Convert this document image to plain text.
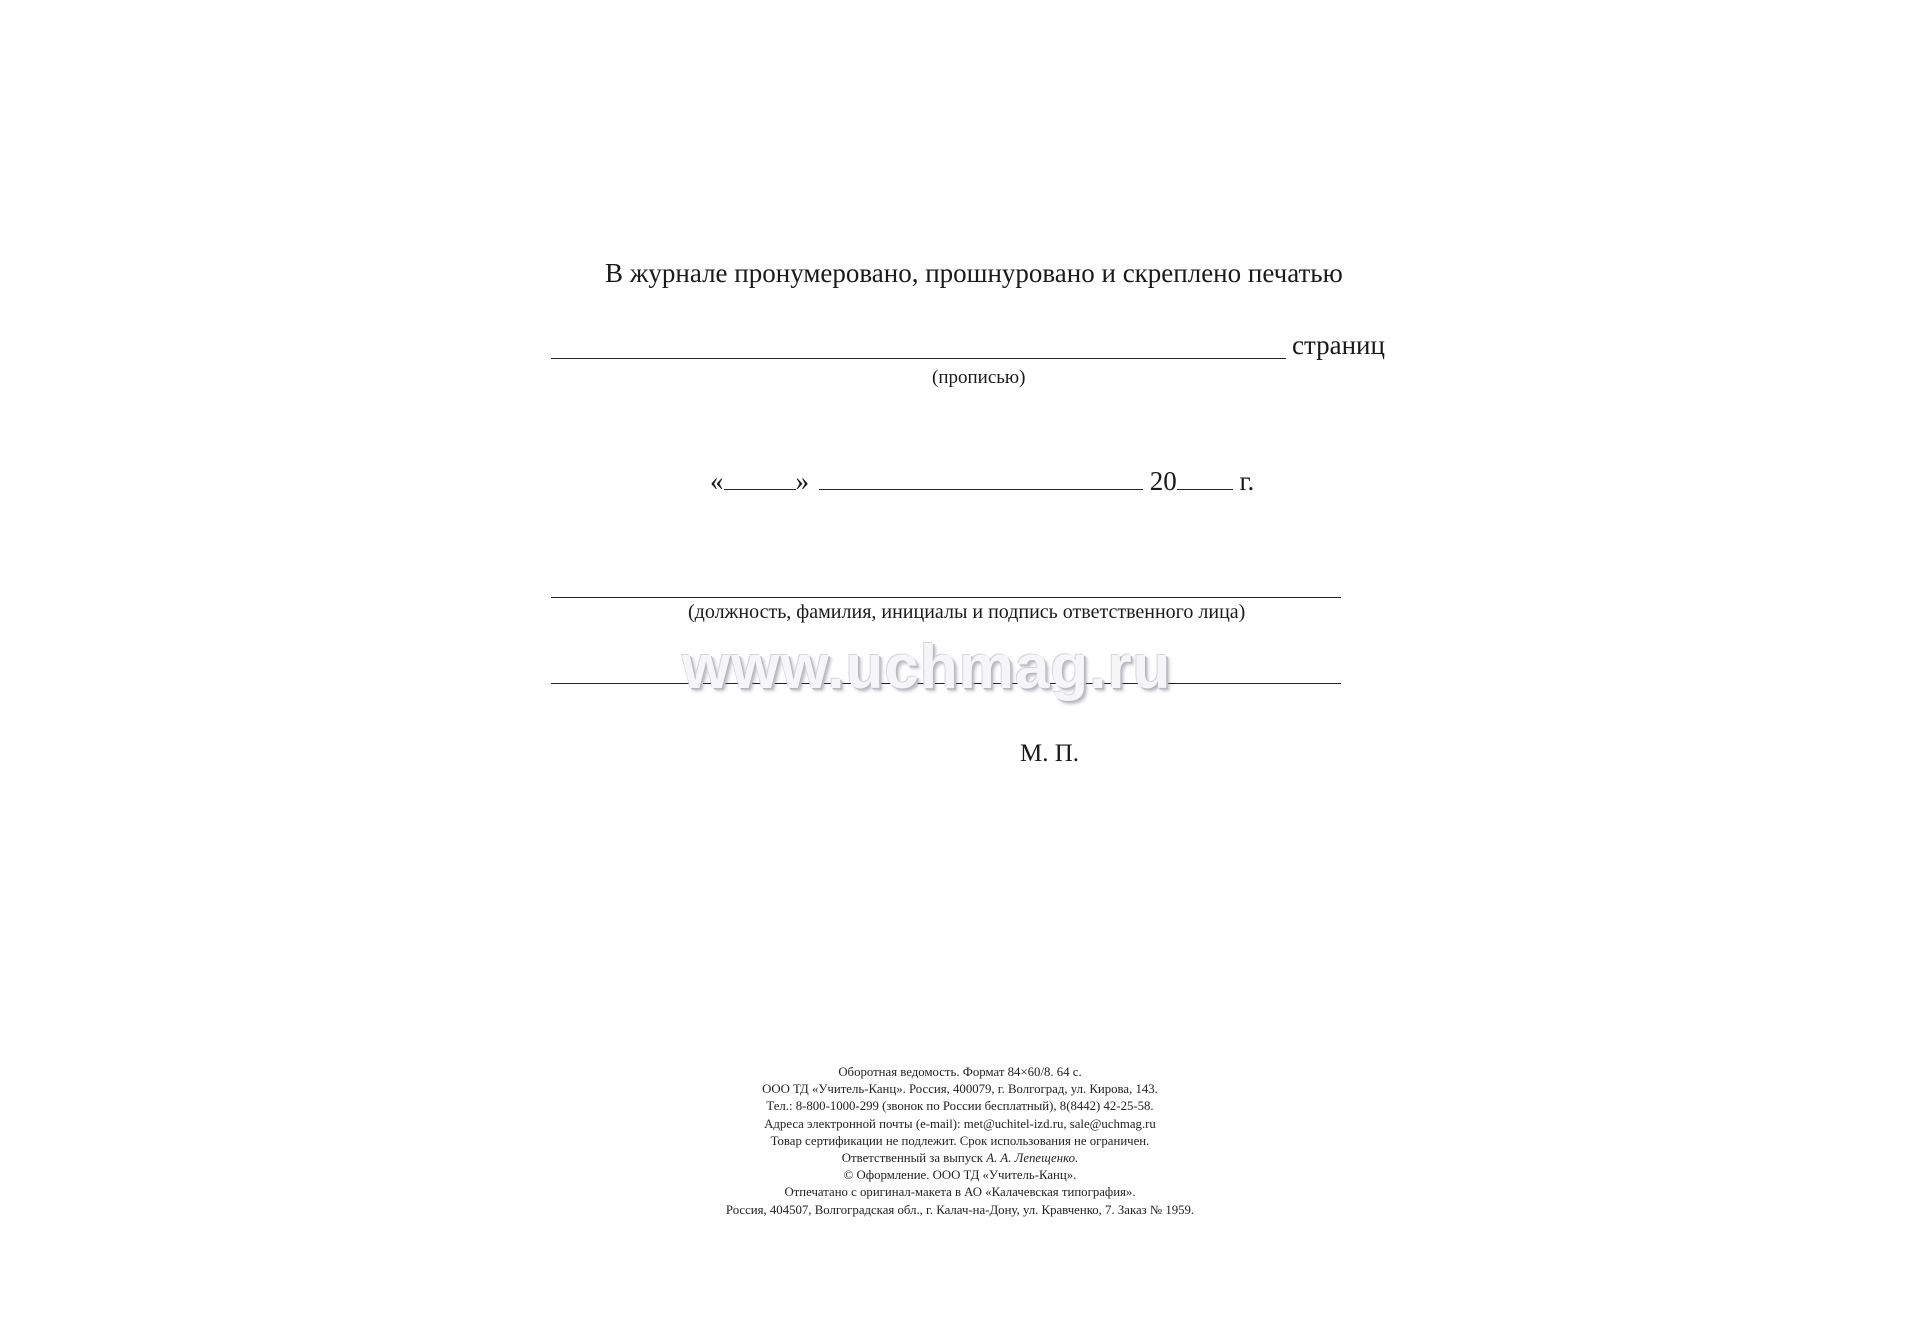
В журнале пронумеровано, прошнуровано и скреплено печатью
страниц
(прописью)
«	»	20 г.
(должность, фамилия, инициалы и подпись ответственного лица)
www.uchmag.ru
М. П.
Оборотная ведомость. Формат 84×60/8. 64 с.
ООО ТД «Учитель-Канц». Россия, 400079, г. Волгоград, ул. Кирова, 143.
Тел.: 8-800-1000-299 (звонок по России бесплатный), 8(8442) 42-25-58.
Адреса электронной почты (e-mail): met@uchitel-izd.ru, sale@uchmag.ru
Товар сертификации не подлежит. Срок использования не ограничен.
Ответственный за выпуск А. А. Лепещенко.
© Оформление. ООО ТД «Учитель-Канц».
Отпечатано с оригинал-макета в АО «Калачевская типография».
Россия, 404507, Волгоградская обл., г. Калач-на-Дону, ул. Кравченко, 7. Заказ № 1959.
